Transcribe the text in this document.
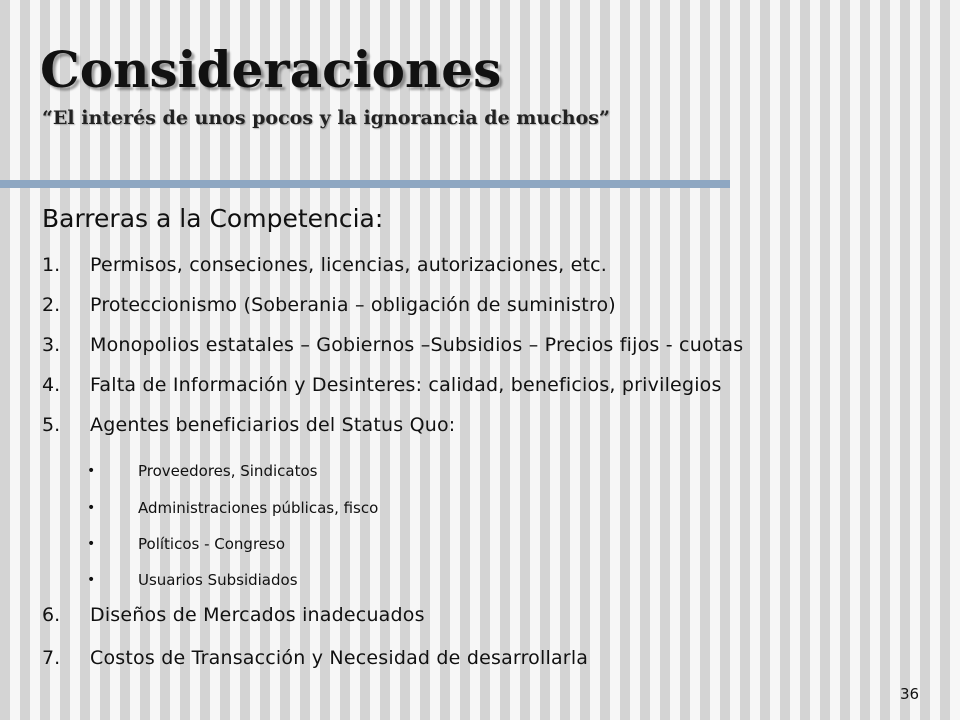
Consideraciones

“El interés de unos pocos y la ignorancia de muchos”

Barreras a la Competencia:
1.	Permisos, conseciones, licencias, autorizaciones, etc.
2.	Proteccionismo (Soberania – obligación de suministro)
3.	Monopolios estatales – Gobiernos –Subsidios – Precios fijos - cuotas
4.	Falta de Información y Desinteres: calidad, beneficios, privilegios
5.	Agentes beneficiarios del Status Quo:
•	Proveedores, Sindicatos
•	Administraciones públicas, fisco
•	Políticos - Congreso
•	Usuarios Subsidiados
6.	Diseños de Mercados inadecuados
7.	Costos de Transacción y Necesidad de desarrollarla
36
